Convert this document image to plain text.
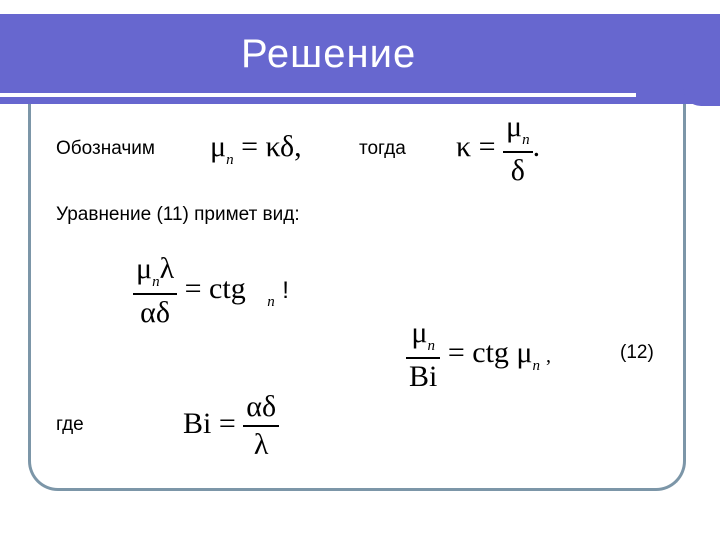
Решение
Обозначим $\mu_n = \kappa\delta$,	тогда $\kappa = \frac{\mu_n}{\delta}$ .
Уравнение (11) примет вид:
$\frac{\mu_n\lambda}{\alpha\delta}$ = ctg $_n$ !
$\frac{\mu_n}{Bi}$ = ctg $\mu_n$ ,	(12)
где	$Bi = \frac{\alpha\delta}{\lambda}$
